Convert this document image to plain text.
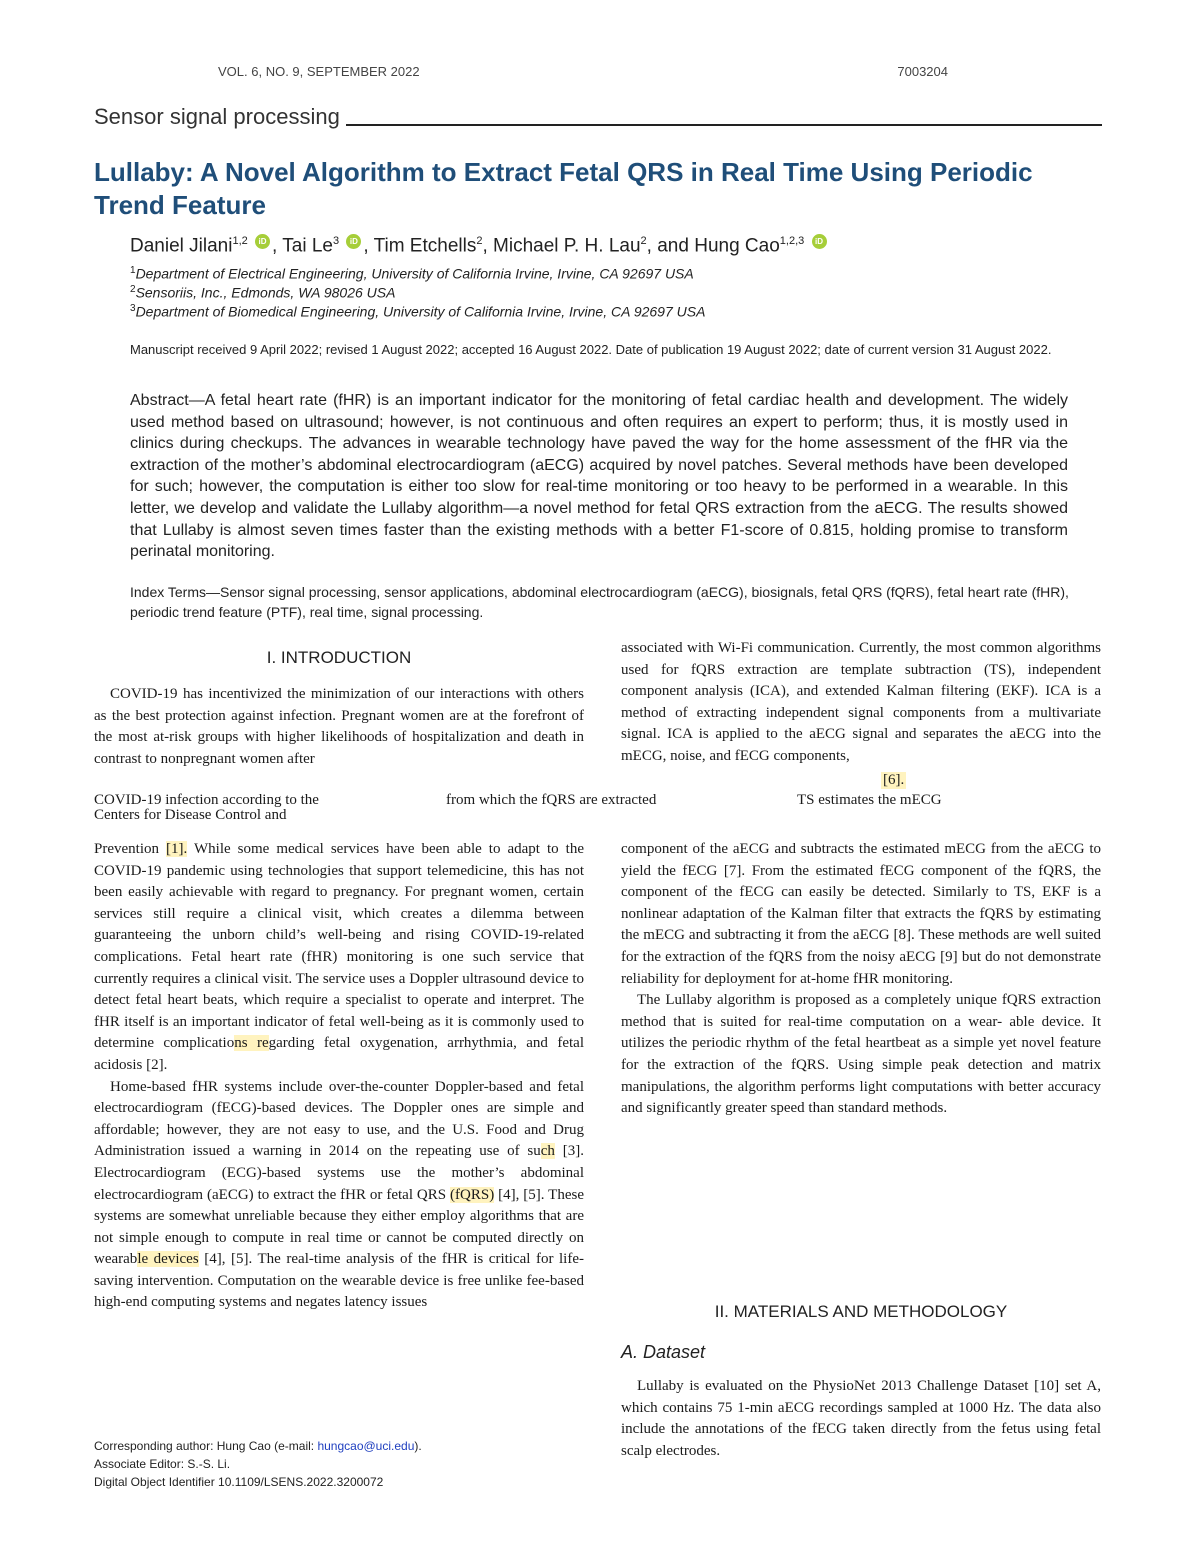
VOL. 6, NO. 9, SEPTEMBER 2022	7003204
Sensor signal processing
Lullaby: A Novel Algorithm to Extract Fetal QRS in Real Time Using Periodic Trend Feature
Daniel Jilani$^{1,2}$ iD , Tai Le$^3$ iD , Tim Etchells$^2$, Michael P. H. Lau$^2$, and Hung Cao$^{1,2,3}$ iD
$^1$Department of Electrical Engineering, University of California Irvine, Irvine, CA 92697 USA
$^2$Sensoriis, Inc., Edmonds, WA 98026 USA
$^3$Department of Biomedical Engineering, University of California Irvine, Irvine, CA 92697 USA
Manuscript received 9 April 2022; revised 1 August 2022; accepted 16 August 2022. Date of publication 19 August 2022; date of current version 31 August 2022.
Abstract—A fetal heart rate (fHR) is an important indicator for the monitoring of fetal cardiac health and development. The widely used method based on ultrasound; however, is not continuous and often requires an expert to perform; thus, it is mostly used in clinics during checkups. The advances in wearable technology have paved the way for the home assessment of the fHR via the extraction of the mother’s abdominal electrocardiogram (aECG) acquired by novel patches. Several methods have been developed for such; however, the computation is either too slow for real-time monitoring or too heavy to be performed in a wearable. In this letter, we develop and validate the Lullaby algorithm—a novel method for fetal QRS extraction from the aECG. The results showed that Lullaby is almost seven times faster than the existing methods with a better F1-score of 0.815, holding promise to transform perinatal monitoring.
Index Terms—Sensor signal processing, sensor applications, abdominal electrocardiogram (aECG), biosignals, fetal QRS (fQRS), fetal heart rate (fHR), periodic trend feature (PTF), real time, signal processing.
I. INTRODUCTION

COVID-19 has incentivized the minimization of our interactions with others as the best protection against infection. Pregnant women are at the forefront of the most at-risk groups with higher likelihoods of hospitalization and death in contrast to nonpregnant women after

associated with Wi-Fi communication. Currently, the most common algorithms used for fQRS extraction are template subtraction (TS), independent component analysis (ICA), and extended Kalman filtering (EKF). ICA is a method of extracting independent signal components from a multivariate signal. ICA is applied to the aECG signal and separates the aECG into the mECG, noise, and fECG components,

[6].
COVID-19 infection according to the
Centers for Disease Control and
from which the fQRS are extracted	TS estimates the mECG

Prevention [1]. While some medical services have been able to adapt to the COVID-19 pandemic using technologies that support telemedicine, this has not been easily achievable with regard to pregnancy. For pregnant women, certain services still require a clinical visit, which creates a dilemma between guaranteeing the unborn child’s well-being and rising COVID-19-related complications. Fetal heart rate (fHR) monitoring is one such service that currently requires a clinical visit. The service uses a Doppler ultrasound device to detect fetal heart beats, which require a specialist to operate and interpret. The fHR itself is an important indicator of fetal well-being as it is commonly used to determine complications regarding fetal oxygenation, arrhythmia, and fetal acidosis [2].

Home-based fHR systems include over-the-counter Doppler-based and fetal electrocardiogram (fECG)-based devices. The Doppler ones are simple and affordable; however, they are not easy to use, and the U.S. Food and Drug Administration issued a warning in 2014 on the repeating use of such [3]. Electrocardiogram (ECG)-based systems use the mother’s abdominal electrocardiogram (aECG) to extract the fHR or fetal QRS (fQRS) [4], [5]. These systems are somewhat unreliable because they either employ algorithms that are not simple enough to compute in real time or cannot be computed directly on wearable devices [4], [5]. The real-time analysis of the fHR is critical for life- saving intervention. Computation on the wearable device is free unlike fee-based high-end computing systems and negates latency issues

component of the aECG and subtracts the estimated mECG from the aECG to yield the fECG [7]. From the estimated fECG component of the fQRS, the component of the fECG can easily be detected. Similarly to TS, EKF is a nonlinear adaptation of the Kalman filter that extracts the fQRS by estimating the mECG and subtracting it from the aECG [8]. These methods are well suited for the extraction of the fQRS from the noisy aECG [9] but do not demonstrate reliability for deployment for at-home fHR monitoring.

The Lullaby algorithm is proposed as a completely unique fQRS extraction method that is suited for real-time computation on a wear- able device. It utilizes the periodic rhythm of the fetal heartbeat as a simple yet novel feature for the extraction of the fQRS. Using simple peak detection and matrix manipulations, the algorithm performs light computations with better accuracy and significantly greater speed than standard methods.

II. MATERIALS AND METHODOLOGY
A. Dataset

Lullaby is evaluated on the PhysioNet 2013 Challenge Dataset [10] set A, which contains 75 1-min aECG recordings sampled at 1000 Hz. The data also include the annotations of the fECG taken directly from the fetus using fetal scalp electrodes.

Corresponding author: Hung Cao (e-mail: hungcao@uci.edu).
Associate Editor: S.-S. Li.
Digital Object Identifier 10.1109/LSENS.2022.3200072
